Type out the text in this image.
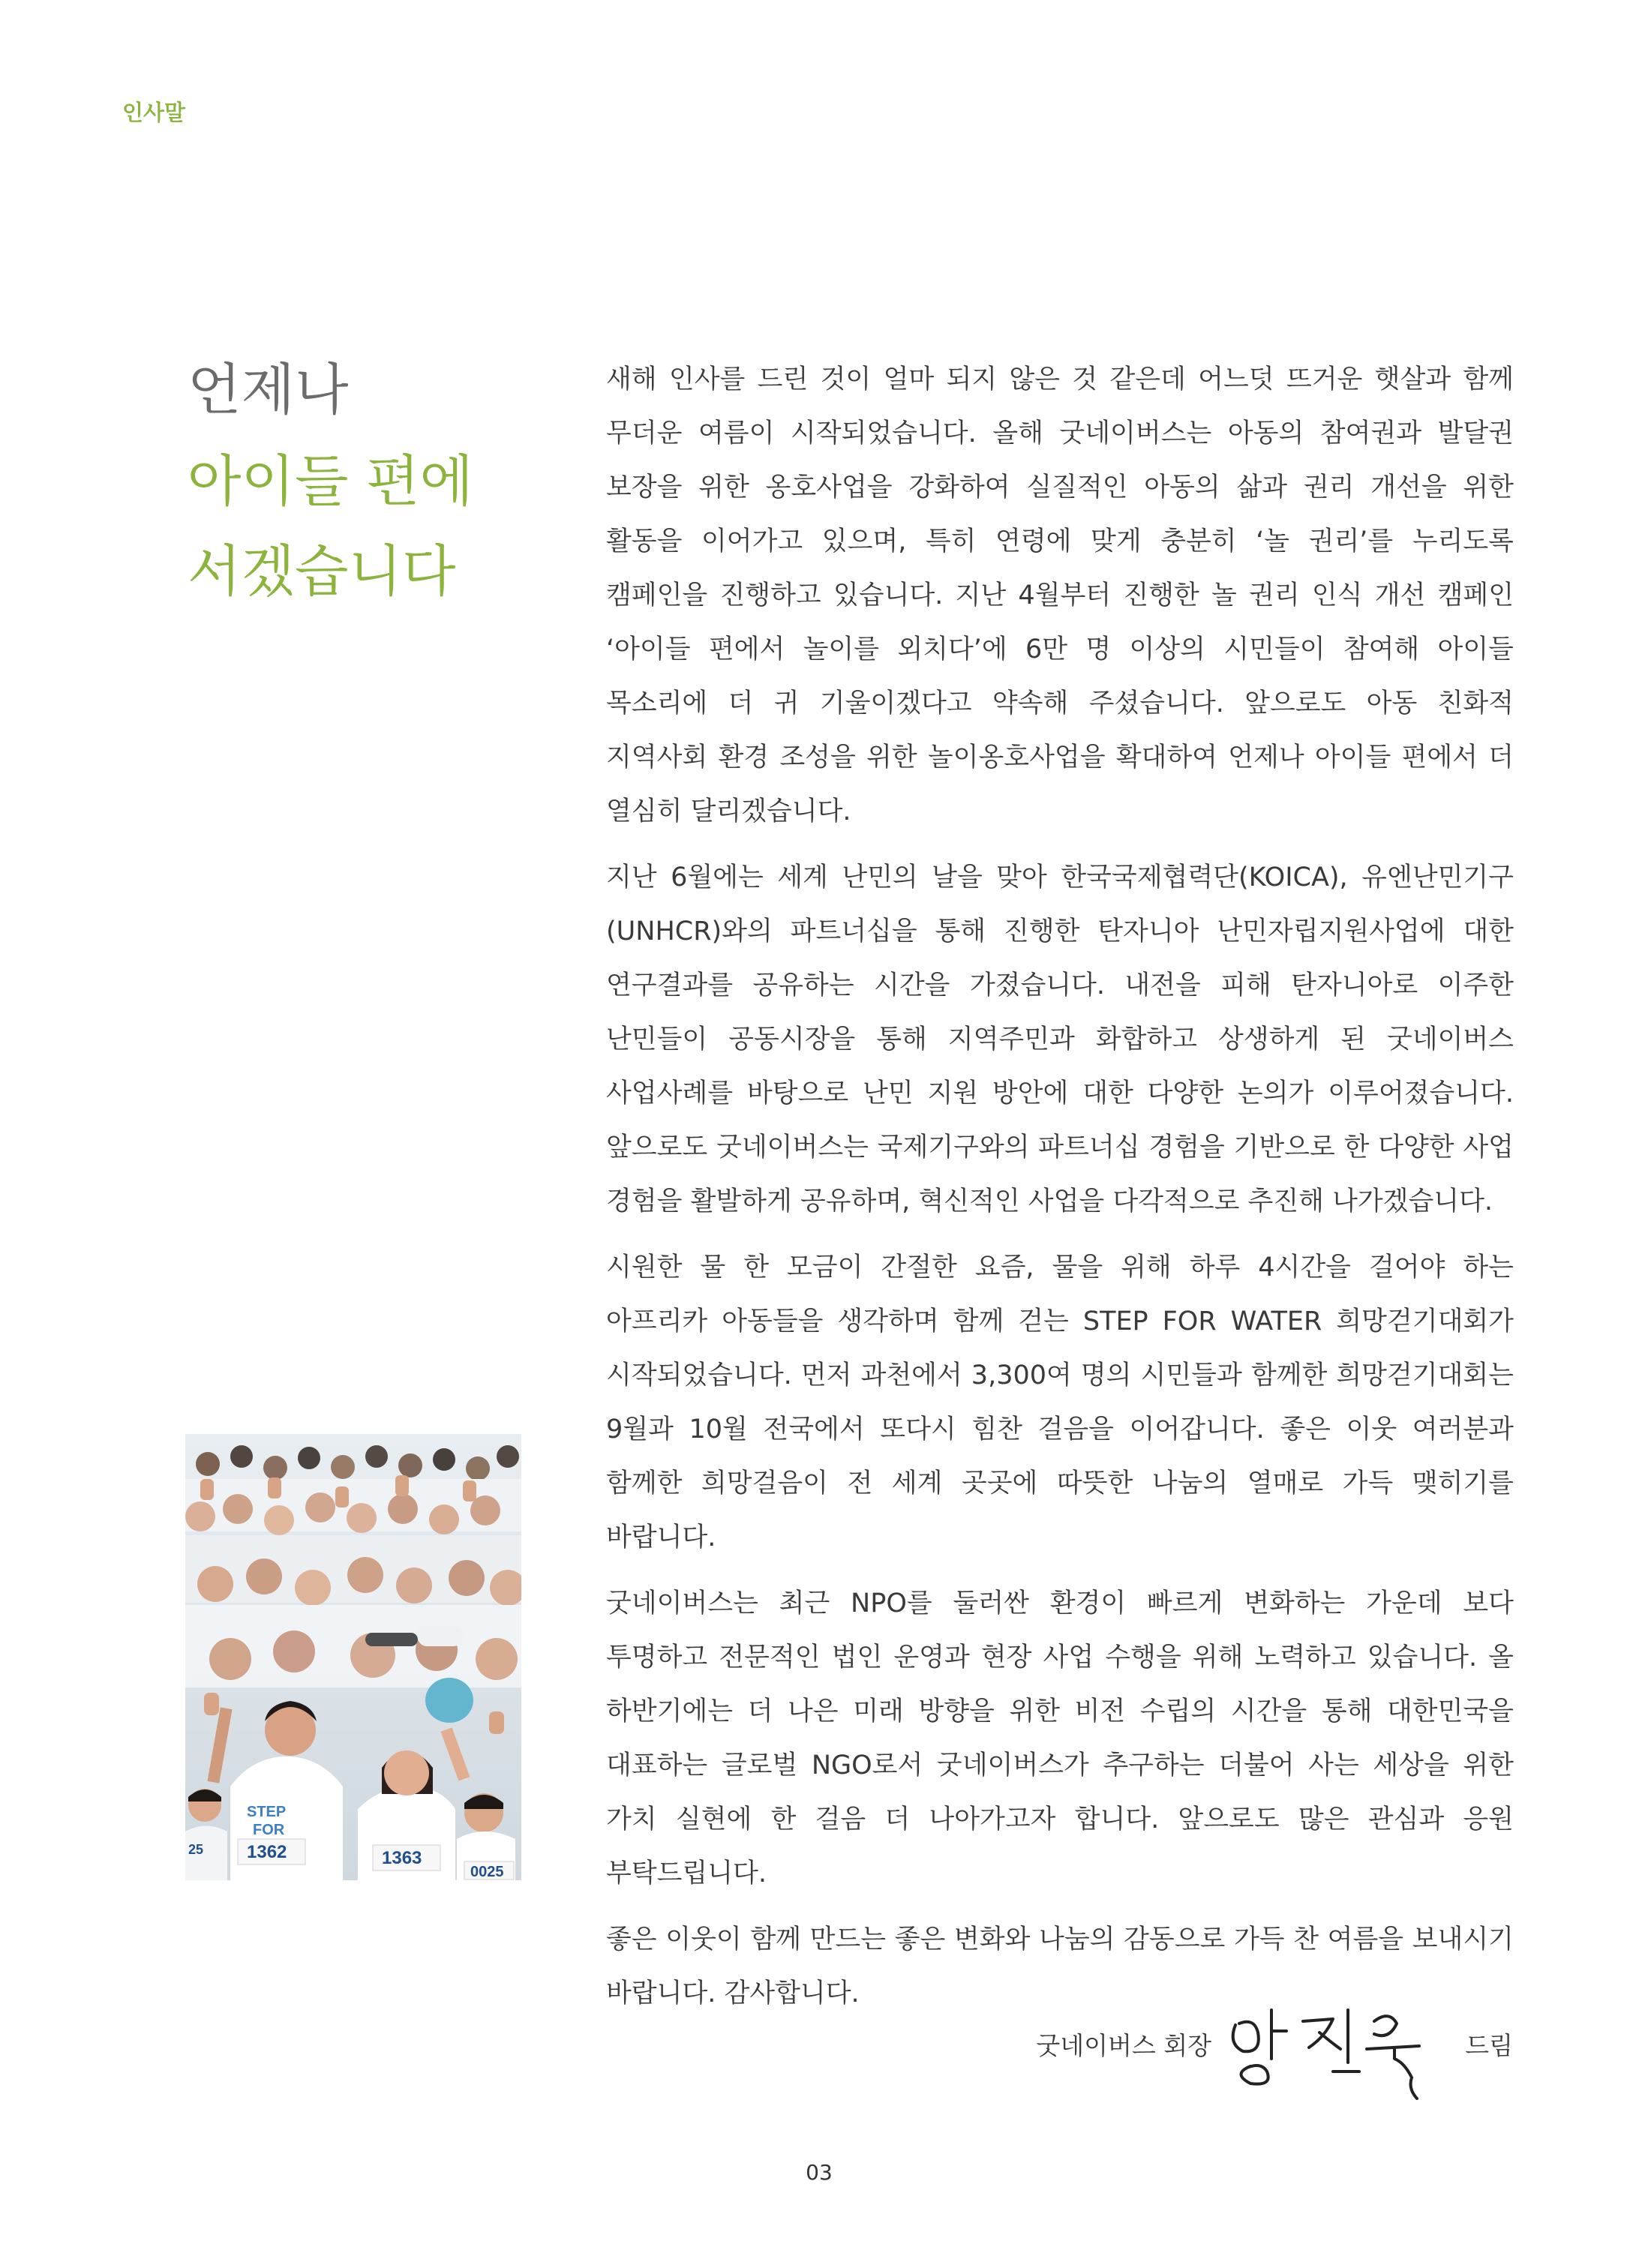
인사말
언제나
아이들 편에
서겠습니다

새해 인사를 드린 것이 얼마 되지 않은 것 같은데 어느덧 뜨거운 햇살과 함께 무더운 여름이 시작되었습니다. 올해 굿네이버스는 아동의 참여권과 발달권 보장을 위한 옹호사업을 강화하여 실질적인 아동의 삶과 권리 개선을 위한 활동을 이어가고 있으며, 특히 연령에 맞게 충분히 ‘놀 권리’를 누리도록 캠페인을 진행하고 있습니다. 지난 4월부터 진행한 놀 권리 인식 개선 캠페인 ‘아이들 편에서 놀이를 외치다’에 6만 명 이상의 시민들이 참여해 아이들 목소리에 더 귀 기울이겠다고 약속해 주셨습니다. 앞으로도 아동 친화적 지역사회 환경 조성을 위한 놀이옹호사업을 확대하여 언제나 아이들 편에서 더 열심히 달리겠습니다.

지난 6월에는 세계 난민의 날을 맞아 한국국제협력단(KOICA), 유엔난민기구(UNHCR)와의 파트너십을 통해 진행한 탄자니아 난민자립지원사업에 대한 연구결과를 공유하는 시간을 가졌습니다. 내전을 피해 탄자니아로 이주한 난민들이 공동시장을 통해 지역주민과 화합하고 상생하게 된 굿네이버스 사업사례를 바탕으로 난민 지원 방안에 대한 다양한 논의가 이루어졌습니다. 앞으로도 굿네이버스는 국제기구와의 파트너십 경험을 기반으로 한 다양한 사업 경험을 활발하게 공유하며, 혁신적인 사업을 다각적으로 추진해 나가겠습니다.

시원한 물 한 모금이 간절한 요즘, 물을 위해 하루 4시간을 걸어야 하는 아프리카 아동들을 생각하며 함께 걷는 STEP FOR WATER 희망걷기대회가 시작되었습니다. 먼저 과천에서 3,300여 명의 시민들과 함께한 희망걷기대회는 9월과 10월 전국에서 또다시 힘찬 걸음을 이어갑니다. 좋은 이웃 여러분과 함께한 희망걸음이 전 세계 곳곳에 따뜻한 나눔의 열매로 가득 맺히기를 바랍니다.

굿네이버스는 최근 NPO를 둘러싼 환경이 빠르게 변화하는 가운데 보다 투명하고 전문적인 법인 운영과 현장 사업 수행을 위해 노력하고 있습니다. 올 하반기에는 더 나은 미래 방향을 위한 비전 수립의 시간을 통해 대한민국을 대표하는 글로벌 NGO로서 굿네이버스가 추구하는 더불어 사는 세상을 위한 가치 실현에 한 걸음 더 나아가고자 합니다. 앞으로도 많은 관심과 응원 부탁드립니다.

좋은 이웃이 함께 만드는 좋은 변화와 나눔의 감동으로 가득 찬 여름을 보내시기 바랍니다. 감사합니다.

STEP
FOR
1362	1363
0025
25
굿네이버스 회장	드림
03
